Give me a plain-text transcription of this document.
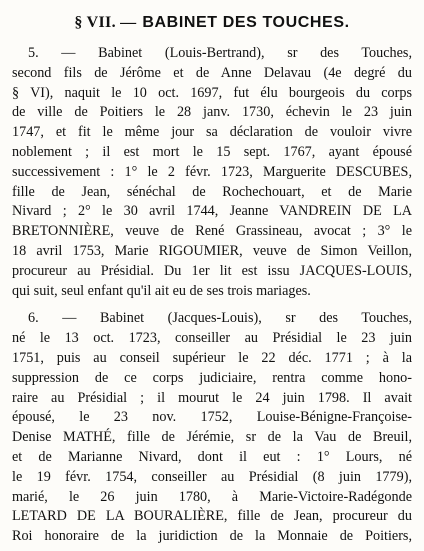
§ VII. — BABINET DES TOUCHES.
5. — Babinet (Louis-Bertrand), sr des Touches,
second fils de Jérôme et de Anne Delavau (4e degré du
§ VI), naquit le 10 oct. 1697, fut élu bourgeois du corps
de ville de Poitiers le 28 janv. 1730, échevin le 23 juin
1747, et fit le même jour sa déclaration de vouloir vivre
noblement ; il est mort le 15 sept. 1767, ayant épousé
successivement : 1° le 2 févr. 1723, Marguerite DESCUBES,
fille de Jean, sénéchal de Rochechouart, et de Marie
Nivard ; 2° le 30 avril 1744, Jeanne VANDREIN DE LA
BRETONNIÈRE, veuve de René Grassineau, avocat ; 3° le
18 avril 1753, Marie RIGOUMIER, veuve de Simon Veillon,
procureur au Présidial. Du 1er lit est issu JACQUES-LOUIS,
qui suit, seul enfant qu'il ait eu de ses trois mariages.
6. — Babinet (Jacques-Louis), sr des Touches,
né le 13 oct. 1723, conseiller au Présidial le 23 juin
1751, puis au conseil supérieur le 22 déc. 1771 ; à la
suppression de ce corps judiciaire, rentra comme hono-
raire au Présidial ; il mourut le 24 juin 1798. Il avait
épousé, le 23 nov. 1752, Louise-Bénigne-Françoise-
Denise MATHÉ, fille de Jérémie, sr de la Vau de Breuil,
et de Marianne Nivard, dont il eut : 1° Lours, né
le 19 févr. 1754, conseiller au Présidial (8 juin 1779),
marié, le 26 juin 1780, à Marie-Victoire-Radégonde
LETARD DE LA BOURALIÈRE, fille de Jean, procureur du
Roi honoraire de la juridiction de la Monnaie de Poitiers,
